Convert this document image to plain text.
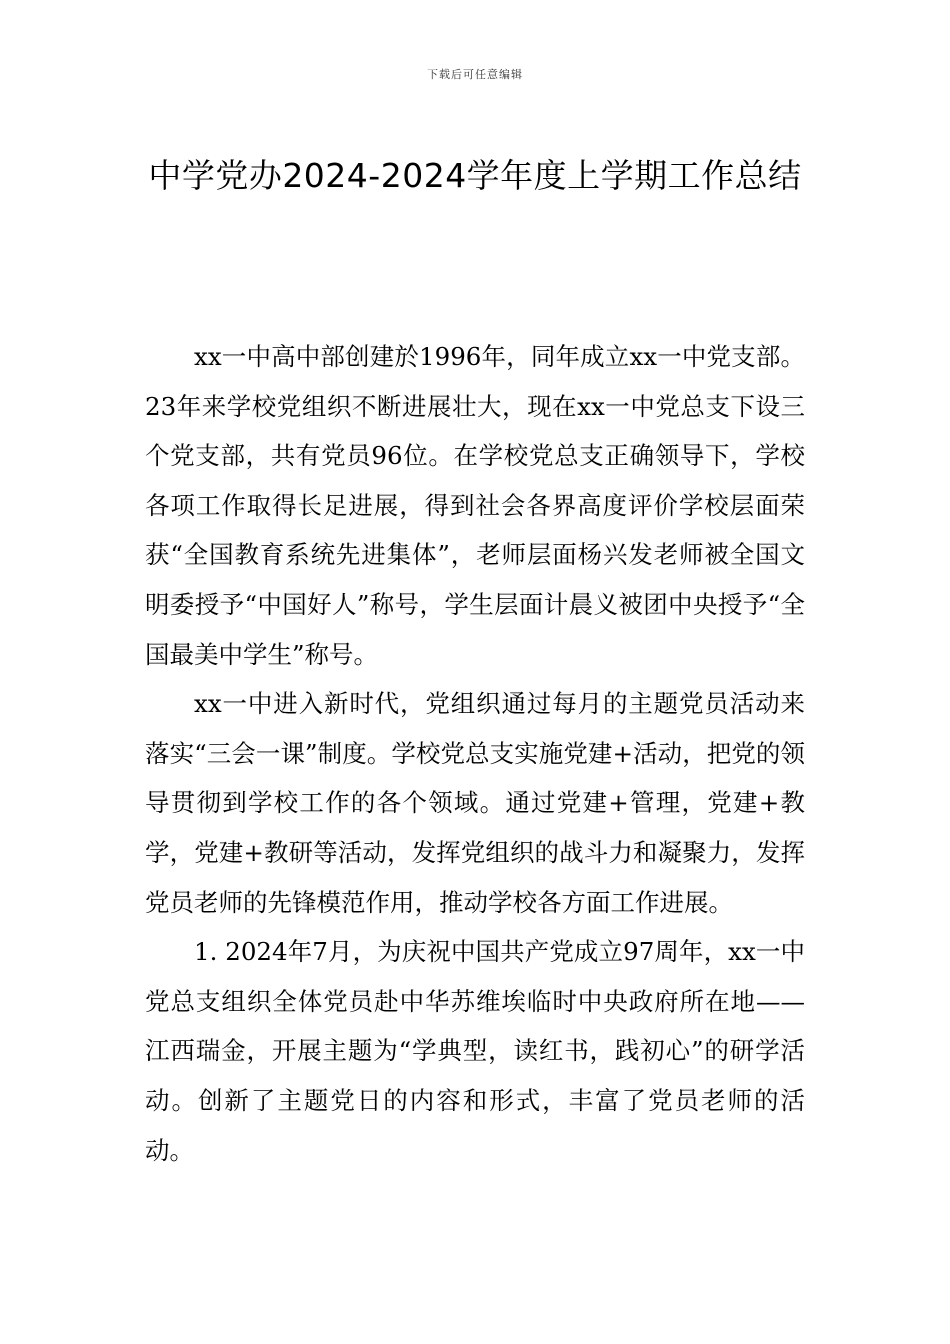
下载后可任意编辑
中学党办2024-2024学年度上学期工作总结

xx一中高中部创建於1996年，同年成立xx一中党支部。23年来学校党组织不断进展壮大，现在xx一中党总支下设三个党支部，共有党员96位。在学校党总支正确领导下，学校各项工作取得长足进展，得到社会各界高度评价学校层面荣获“全国教育系统先进集体”，老师层面杨兴发老师被全国文明委授予“中国好人”称号，学生层面计晨义被团中央授予“全国最美中学生”称号。

xx一中进入新时代，党组织通过每月的主题党员活动来落实“三会一课”制度。学校党总支实施党建+活动，把党的领导贯彻到学校工作的各个领域。通过党建+管理，党建+教学，党建+教研等活动，发挥党组织的战斗力和凝聚力，发挥党员老师的先锋模范作用，推动学校各方面工作进展。

1. 2024年7月，为庆祝中国共产党成立97周年，xx一中党总支组织全体党员赴中华苏维埃临时中央政府所在地——江西瑞金，开展主题为“学典型，读红书，践初心”的研学活动。创新了主题党日的内容和形式，丰富了党员老师的活动。
